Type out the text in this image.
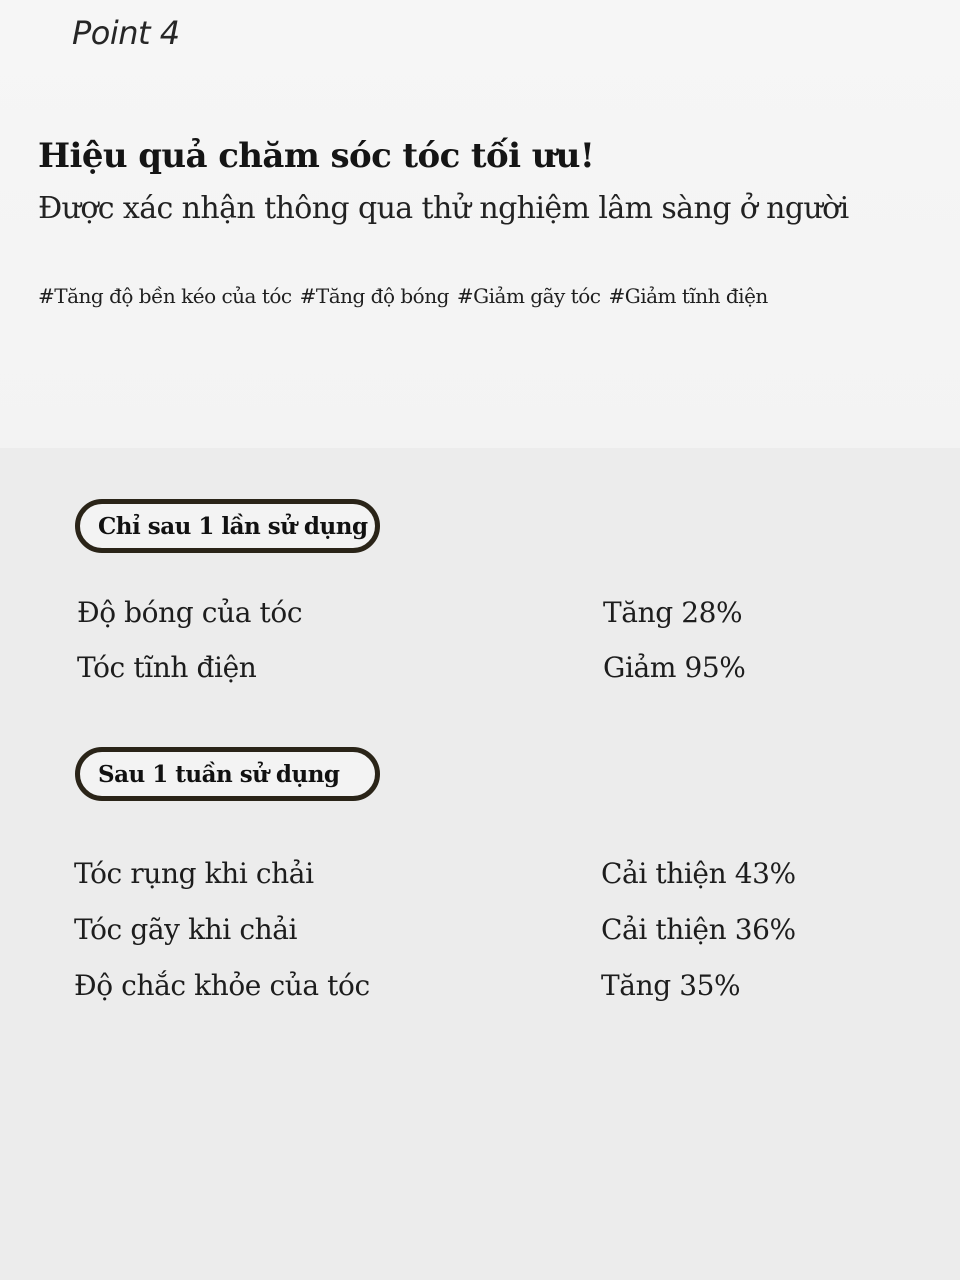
Point 4
Hiệu quả chăm sóc tóc tối ưu!
Được xác nhận thông qua thử nghiệm lâm sàng ở người
#Tăng độ bền kéo của tóc #Tăng độ bóng #Giảm gãy tóc #Giảm tĩnh điện
Chỉ sau 1 lần sử dụng
Độ bóng của tóc	Tăng 28%
Tóc tĩnh điện	Giảm 95%
Sau 1 tuần sử dụng
Tóc rụng khi chải	Cải thiện 43%
Tóc gãy khi chải	Cải thiện 36%
Độ chắc khỏe của tóc	Tăng 35%
